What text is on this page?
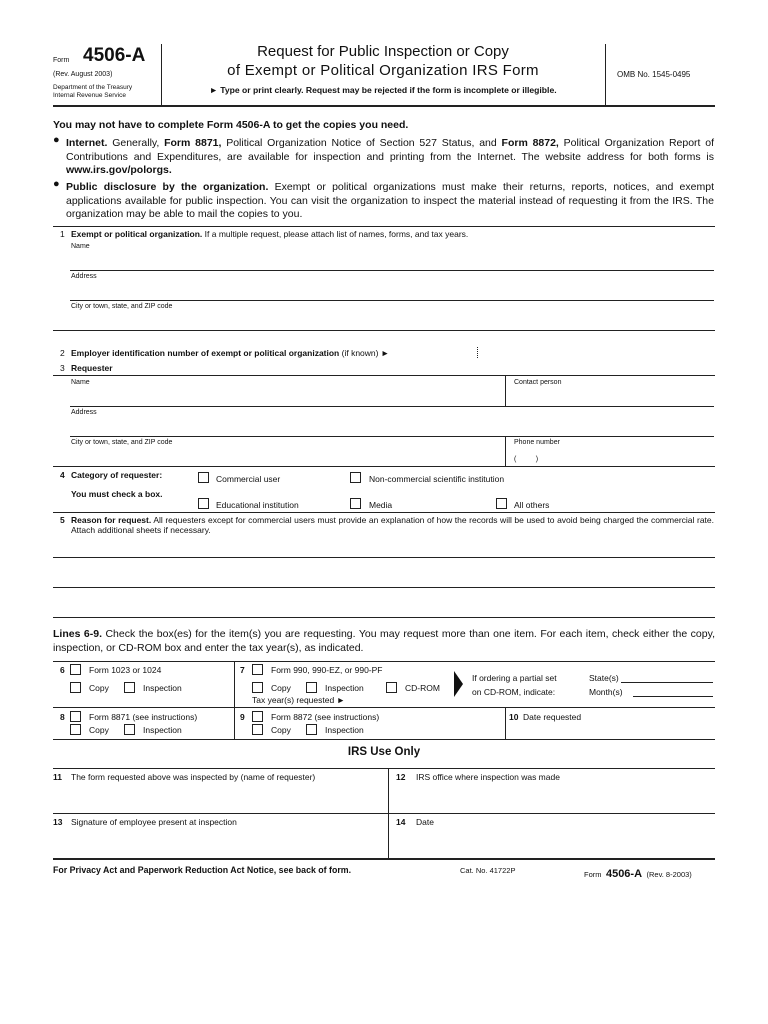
Form 4506-A
(Rev. August 2003)
Department of the Treasury
Internal Revenue Service
Request for Public Inspection or Copy
of Exempt or Political Organization IRS Form
► Type or print clearly. Request may be rejected if the form is incomplete or illegible.
OMB No. 1545-0495
You may not have to complete Form 4506-A to get the copies you need.
● Internet. Generally, Form 8871, Political Organization Notice of Section 527 Status, and Form 8872, Political Organization Report of Contributions and Expenditures, are available for inspection and printing from the Internet. The website address for both forms is www.irs.gov/polorgs.
● Public disclosure by the organization. Exempt or political organizations must make their returns, reports, notices, and exempt applications available for public inspection. You can visit the organization to inspect the material instead of requesting it from the IRS. The organization may be able to mail the copies to you.
1 Exempt or political organization. If a multiple request, please attach list of names, forms, and tax years.
Name
Address
City or town, state, and ZIP code
2 Employer identification number of exempt or political organization (if known) ►
3 Requester
Name	Contact person
Address
City or town, state, and ZIP code	Phone number
(          )
4 Category of requester:
You must check a box.
Commercial user	Non-commercial scientific institution
Educational institution	Media	All others
5 Reason for request. All requesters except for commercial users must provide an explanation of how the records will be used to avoid being charged the commercial rate. Attach additional sheets if necessary.
Lines 6-9. Check the box(es) for the item(s) you are requesting. You may request more than one item. For each item, check either the copy, inspection, or CD-ROM box and enter the tax year(s), as indicated.
6	Form 1023 or 1024
Copy	Inspection
7	Form 990, 990-EZ, or 990-PF
Copy	Inspection	CD-ROM
Tax year(s) requested ►
If ordering a partial set
on CD-ROM, indicate:
State(s)
Month(s)
8	Form 8871 (see instructions)
Copy	Inspection
9	Form 8872 (see instructions)
Copy	Inspection
10 Date requested
IRS Use Only
11 The form requested above was inspected by (name of requester)	12 IRS office where inspection was made
13 Signature of employee present at inspection	14 Date
For Privacy Act and Paperwork Reduction Act Notice, see back of form.	Cat. No. 41722P	Form 4506-A (Rev. 8-2003)
